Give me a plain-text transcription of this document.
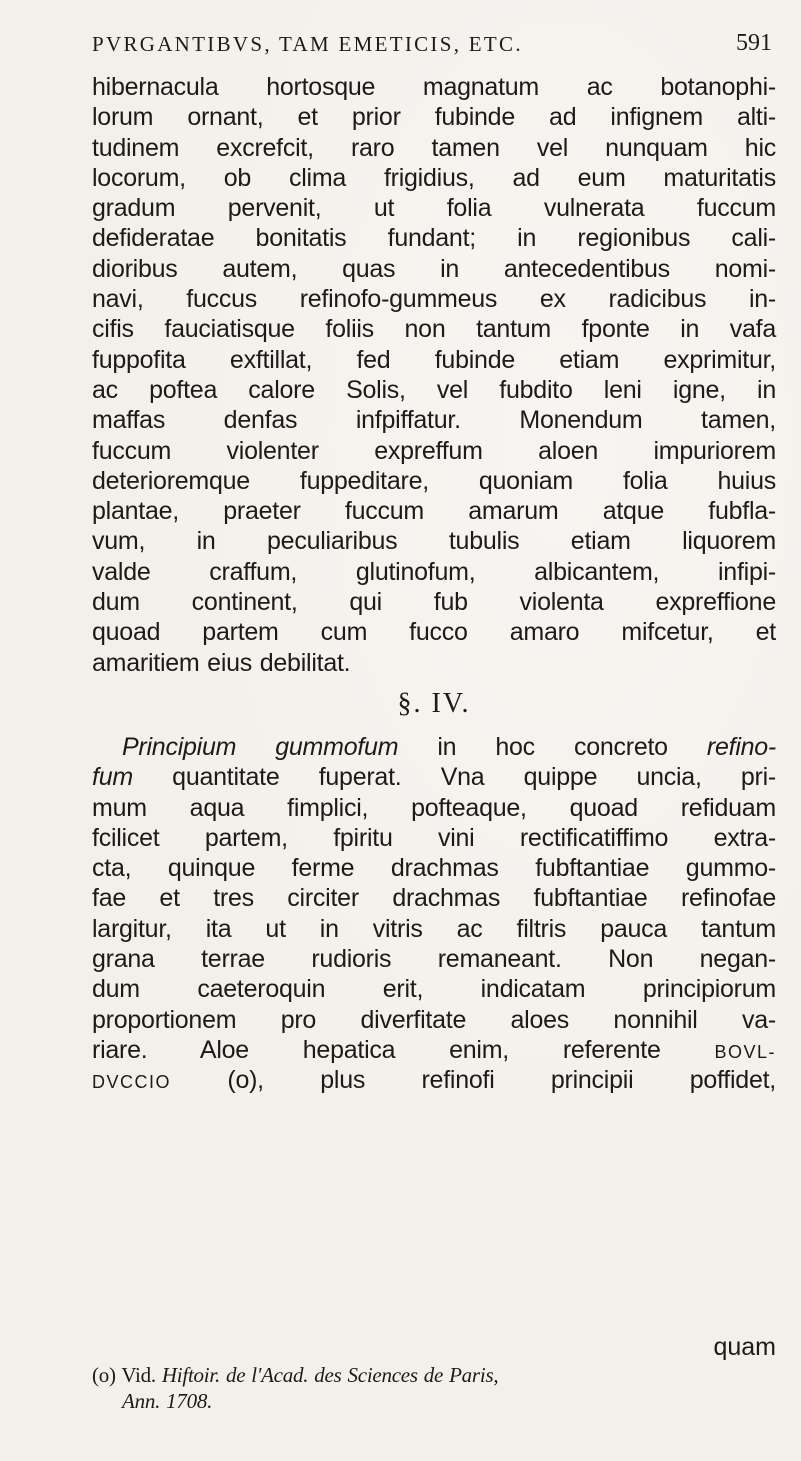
PVRGANTIBVS, TAM EMETICIS, ETC.	591
hibernacula hortosque magnatum ac botanophi-
lorum ornant, et prior fubinde ad infignem alti-
tudinem excrefcit, raro tamen vel nunquam hic
locorum, ob clima frigidius, ad eum maturitatis
gradum pervenit, ut folia vulnerata fuccum
defideratae bonitatis fundant; in regionibus cali-
dioribus autem, quas in antecedentibus nomi-
navi, fuccus refinofo-gummeus ex radicibus in-
cifis fauciatisque foliis non tantum fponte in vafa
fuppofita exftillat, fed fubinde etiam exprimitur,
ac poftea calore Solis, vel fubdito leni igne, in
maffas denfas infpiffatur. Monendum tamen,
fuccum violenter expreffum aloen impuriorem
deterioremque fuppeditare, quoniam folia huius
plantae, praeter fuccum amarum atque fubfla-
vum, in peculiaribus tubulis etiam liquorem
valde craffum, glutinofum, albicantem, infipi-
dum continent, qui fub violenta expreffione
quoad partem cum fucco amaro mifcetur, et
amaritiem eius debilitat.
§. IV.
Principium gummofum in hoc concreto refino-
fum quantitate fuperat. Vna quippe uncia, pri-
mum aqua fimplici, pofteaque, quoad refiduam
fcilicet partem, fpiritu vini rectificatiffimo extra-
cta, quinque ferme drachmas fubftantiae gummo-
fae et tres circiter drachmas fubftantiae refinofae
largitur, ita ut in vitris ac filtris pauca tantum
grana terrae rudioris remaneant. Non negan-
dum caeteroquin erit, indicatam principiorum
proportionem pro diverfitate aloes nonnihil va-
riare. Aloe hepatica enim, referente	BOVL-
DVCCIO (o), plus refinofi principii poffidet,
quam
(o) Vid. Hiftoir. de l'Acad. des Sciences de Paris,
Ann. 1708.
